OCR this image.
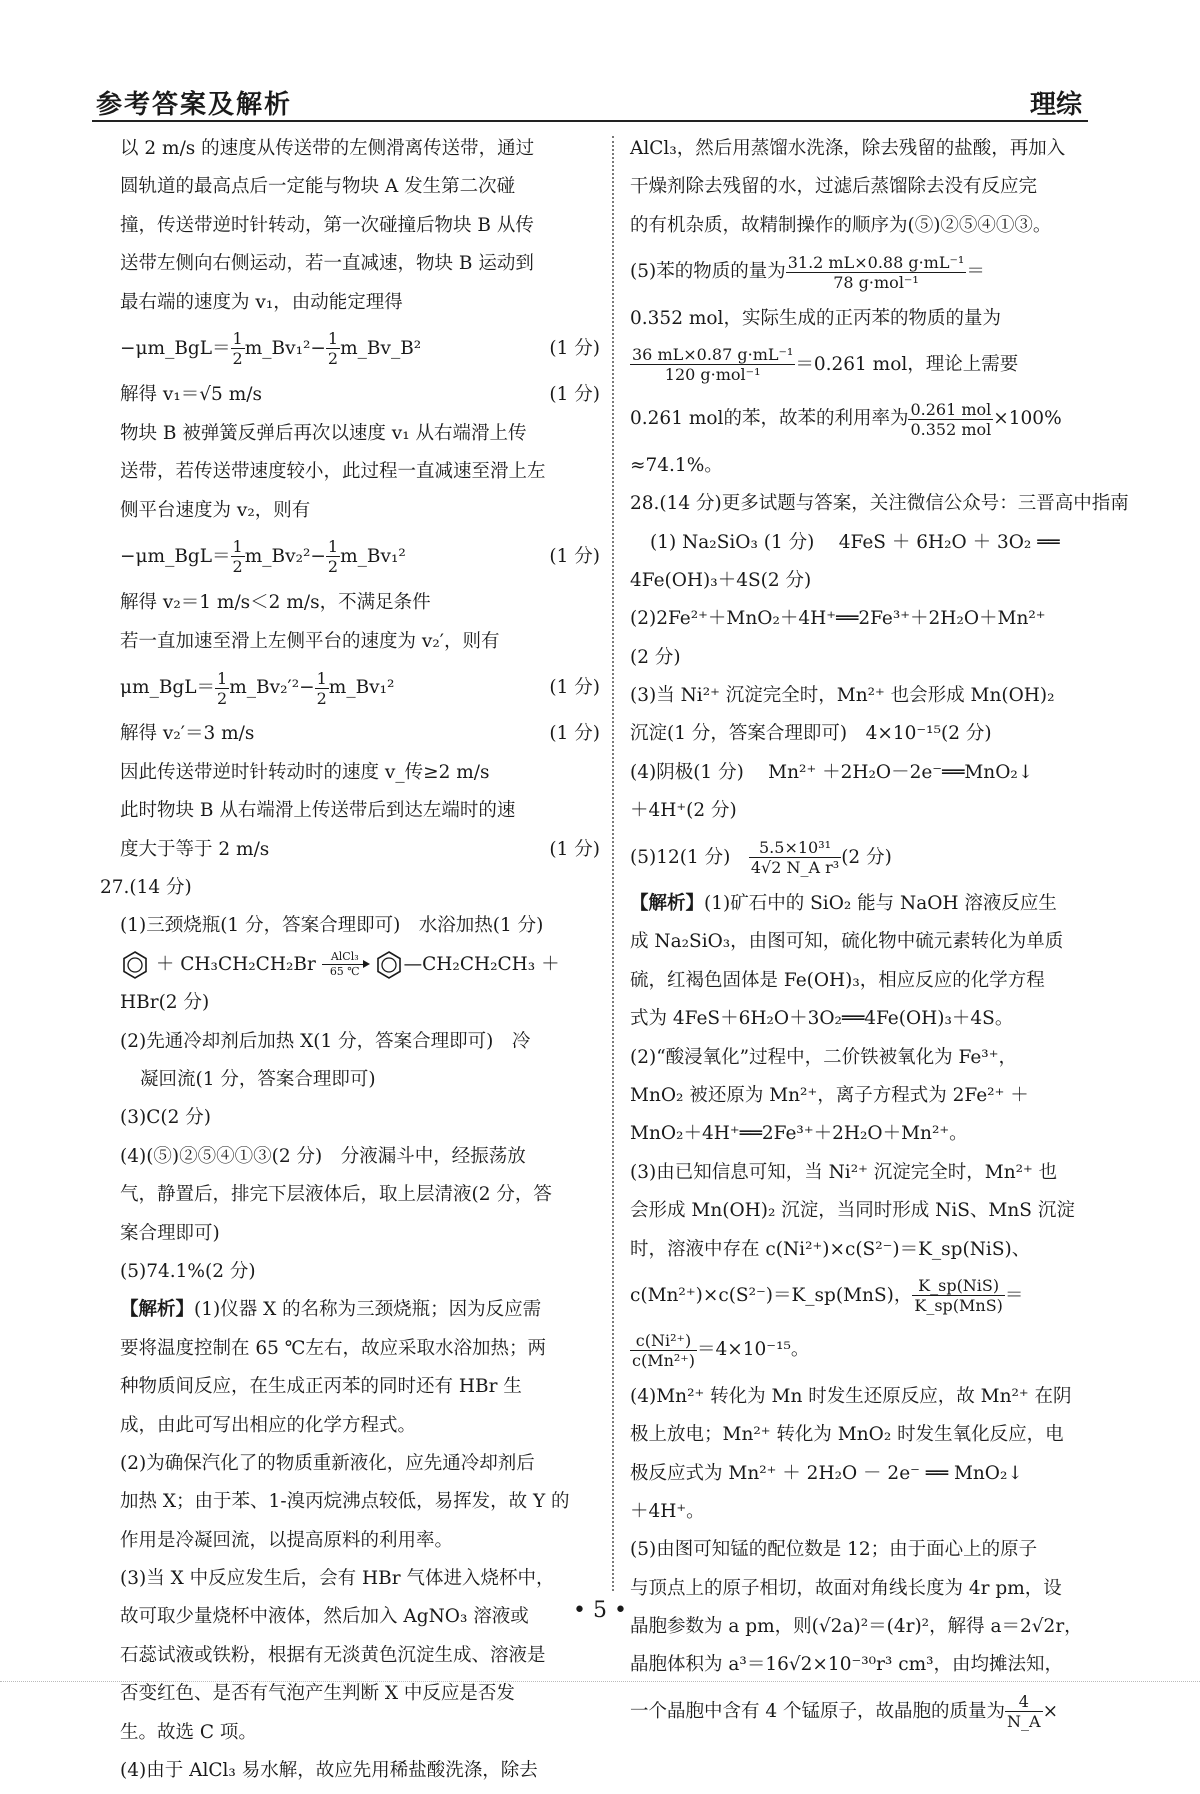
参考答案及解析	理综
以 2 m/s 的速度从传送带的左侧滑离传送带，通过
圆轨道的最高点后一定能与物块 A 发生第二次碰
撞，传送带逆时针转动，第一次碰撞后物块 B 从传
送带左侧向右侧运动，若一直减速，物块 B 运动到
最右端的速度为 v₁，由动能定理得
−μm_BgL＝ $\frac{1}{2}$ m_Bv₁²− $\frac{1}{2}$ m_Bv_B²	(1 分)
解得 v₁＝√5 m/s	(1 分)
物块 B 被弹簧反弹后再次以速度 v₁ 从右端滑上传
送带，若传送带速度较小，此过程一直减速至滑上左
侧平台速度为 v₂，则有
−μm_BgL＝ $\frac{1}{2}$ m_Bv₂²− $\frac{1}{2}$ m_Bv₁²	(1 分)
解得 v₂＝1 m/s＜2 m/s，不满足条件
若一直加速至滑上左侧平台的速度为 v₂′，则有
μm_BgL＝ $\frac{1}{2}$ m_Bv₂′²− $\frac{1}{2}$ m_Bv₁²	(1 分)
解得 v₂′＝3 m/s	(1 分)
因此传送带逆时针转动时的速度 v_传≥2 m/s
此时物块 B 从右端滑上传送带后到达左端时的速
度大于等于 2 m/s	(1 分)
27.(14 分)
(1)三颈烧瓶(1 分，答案合理即可)　水浴加热(1 分)
＋ CH₃CH₂CH₂Br AlCl₃
65 ℃ —CH₂CH₂CH₃ ＋
HBr(2 分)
(2)先通冷却剂后加热 X(1 分，答案合理即可)　冷
凝回流(1 分，答案合理即可)
(3)C(2 分)
(4)(⑤)②⑤④①③(2 分)　分液漏斗中，经振荡放
气，静置后，排完下层液体后，取上层清液(2 分，答
案合理即可)
(5)74.1%(2 分)
【解析】(1)仪器 X 的名称为三颈烧瓶；因为反应需
要将温度控制在 65 ℃左右，故应采取水浴加热；两
种物质间反应，在生成正丙苯的同时还有 HBr 生
成，由此可写出相应的化学方程式。
(2)为确保汽化了的物质重新液化，应先通冷却剂后
加热 X；由于苯、1-溴丙烷沸点较低，易挥发，故 Y 的
作用是冷凝回流，以提高原料的利用率。
(3)当 X 中反应发生后，会有 HBr 气体进入烧杯中，
故可取少量烧杯中液体，然后加入 AgNO₃ 溶液或
石蕊试液或铁粉，根据有无淡黄色沉淀生成、溶液是
否变红色、是否有气泡产生判断 X 中反应是否发
生。故选 C 项。
(4)由于 AlCl₃ 易水解，故应先用稀盐酸洗涤，除去
AlCl₃，然后用蒸馏水洗涤，除去残留的盐酸，再加入
干燥剂除去残留的水，过滤后蒸馏除去没有反应完
的有机杂质，故精制操作的顺序为(⑤)②⑤④①③。
(5)苯的物质的量为 $\frac{\text{31.2 mL×0.88 g·mL⁻¹}}{\text{78 g·mol⁻¹}}$ ＝
0.352 mol，实际生成的正丙苯的物质的量为
$\frac{\text{36 mL×0.87 g·mL⁻¹}}{\text{120 g·mol⁻¹}} =0.261$ mol，理论上需要
0.261 mol的苯，故苯的利用率为 $\frac{\text{0.261 mol}}{\text{0.352 mol}} \times 100\%$
≈74.1%。
28.(14 分)更多试题与答案，关注微信公众号：三晋高中指南
(1) Na₂SiO₃ (1 分)　 4FeS ＋ 6H₂O ＋ 3O₂ ══
4Fe(OH)₃＋4S(2 分)
(2)2Fe²⁺＋MnO₂＋4H⁺══2Fe³⁺＋2H₂O＋Mn²⁺
(2 分)
(3)当 Ni²⁺ 沉淀完全时，Mn²⁺ 也会形成 Mn(OH)₂
沉淀(1 分，答案合理即可)　4×10⁻¹⁵(2 分)
(4)阴极(1 分)　 Mn²⁺ ＋2H₂O－2e⁻══MnO₂↓
＋4H⁺(2 分)
(5)12(1 分)　 $\frac{\text{5.5×10³¹}}{\text{4√2 N\_A r³}} (2$ 分)
【解析】(1)矿石中的 SiO₂ 能与 NaOH 溶液反应生
成 Na₂SiO₃，由图可知，硫化物中硫元素转化为单质
硫，红褐色固体是 Fe(OH)₃，相应反应的化学方程
式为 4FeS＋6H₂O＋3O₂══4Fe(OH)₃＋4S。
(2)“酸浸氧化”过程中，二价铁被氧化为 Fe³⁺，
MnO₂ 被还原为 Mn²⁺，离子方程式为 2Fe²⁺ ＋
MnO₂＋4H⁺══2Fe³⁺＋2H₂O＋Mn²⁺。
(3)由已知信息可知，当 Ni²⁺ 沉淀完全时，Mn²⁺ 也
会形成 Mn(OH)₂ 沉淀，当同时形成 NiS、MnS 沉淀
时，溶液中存在 c(Ni²⁺)×c(S²⁻)＝K_sp(NiS)、
c(Mn²⁺)×c(S²⁻)＝K_sp(MnS)， $\frac{\text{K\_sp(NiS)}}{\text{K\_sp(MnS)}}$ ＝
$\frac{\text{c(Ni²⁺)}}{\text{c(Mn²⁺)}} =4\times 10^{-15}$。
(4)Mn²⁺ 转化为 Mn 时发生还原反应，故 Mn²⁺ 在阴
极上放电；Mn²⁺ 转化为 MnO₂ 时发生氧化反应，电
极反应式为 Mn²⁺ ＋ 2H₂O － 2e⁻ ══ MnO₂↓
＋4H⁺。
(5)由图可知锰的配位数是 12；由于面心上的原子
与顶点上的原子相切，故面对角线长度为 4r pm，设
晶胞参数为 a pm，则(√2a)²＝(4r)²，解得 a＝2√2r，
晶胞体积为 a³＝16√2×10⁻³⁰r³ cm³，由均摊法知，
一个晶胞中含有 4 个锰原子，故晶胞的质量为 $\frac{4}{N\_A}$ ×
• 5 •
